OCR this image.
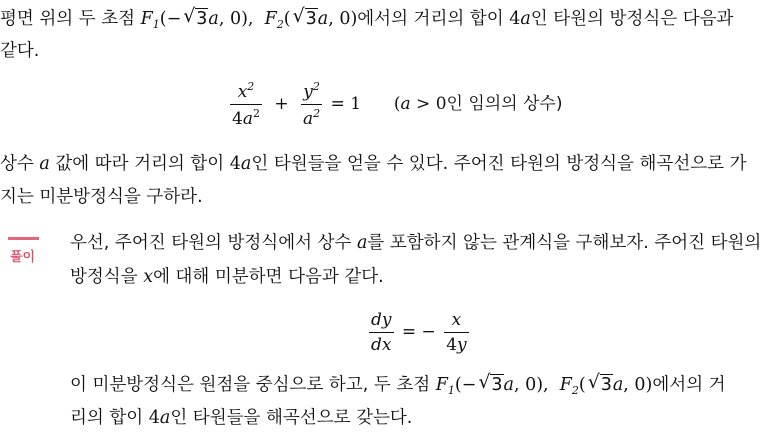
평면 위의 두 초점 $F_1(-√$ 3a, 0),  $F_2(√$ 3a, 0)에서의 거리의 합이 4a인 타원의 방정식은 다음과
같다.
$\frac{x^2}{4a^2} + \frac{y^2}{a^2} = 1$ (a > 0인 임의의 상수)
상수 a 값에 따라 거리의 합이 4a인 타원들을 얻을 수 있다. 주어진 타원의 방정식을 해곡선으로 가
지는 미분방정식을 구하라.
풀이
우선, 주어진 타원의 방정식에서 상수 a를 포함하지 않는 관계식을 구해보자. 주어진 타원의
방정식을 x에 대해 미분하면 다음과 같다.
$\frac{dy}{dx}$ = − $\frac{x}{4y}$
이 미분방정식은 원점을 중심으로 하고, 두 초점 $F_1(-√$ 3a, 0),  $F_2(√$ 3a, 0)에서의 거
리의 합이 4a인 타원들을 해곡선으로 갖는다.
